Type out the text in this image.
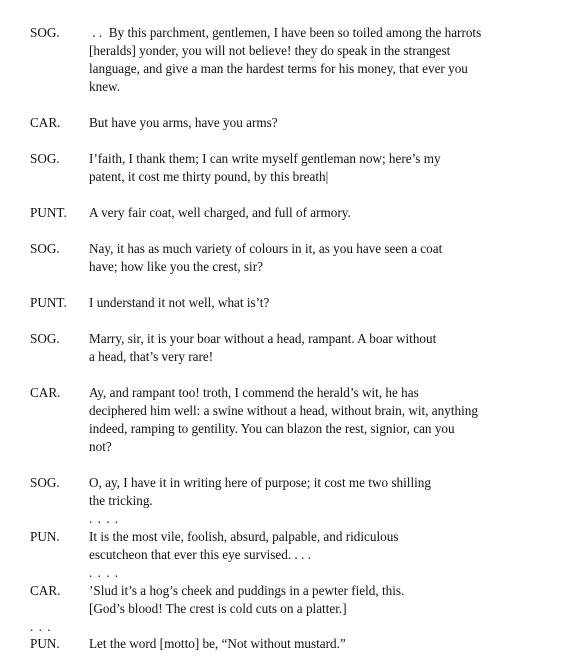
SOG. . .  By this parchment, gentlemen, I have been so toiled among the harrots
[heralds] yonder, you will not believe! they do speak in the strangest
language, and give a man the hardest terms for his money, that ever you
knew.
CAR. But have you arms, have you arms?
SOG. I’faith, I thank them; I can write myself gentleman now; here’s my
patent, it cost me thirty pound, by this breath|
PUNT. A very fair coat, well charged, and full of armory.
SOG. Nay, it has as much variety of colours in it, as you have seen a coat
have; how like you the crest, sir?
PUNT. I understand it not well, what is’t?
SOG. Marry, sir, it is your boar without a head, rampant. A boar without
a head, that’s very rare!
CAR. Ay, and rampant too! troth, I commend the herald’s wit, he has
deciphered him well: a swine without a head, without brain, wit, anything
indeed, ramping to gentility. You can blazon the rest, signior, can you
not?
SOG. O, ay, I have it in writing here of purpose; it cost me two shilling
the tricking.
. . . .
PUN. It is the most vile, foolish, absurd, palpable, and ridiculous
escutcheon that ever this eye survised. . . .
. . . .
CAR. ’Slud it’s a hog’s cheek and puddings in a pewter field, this.
[God’s blood! The crest is cold cuts on a platter.]
. . .
PUN. Let the word [motto] be, “Not without mustard.”
